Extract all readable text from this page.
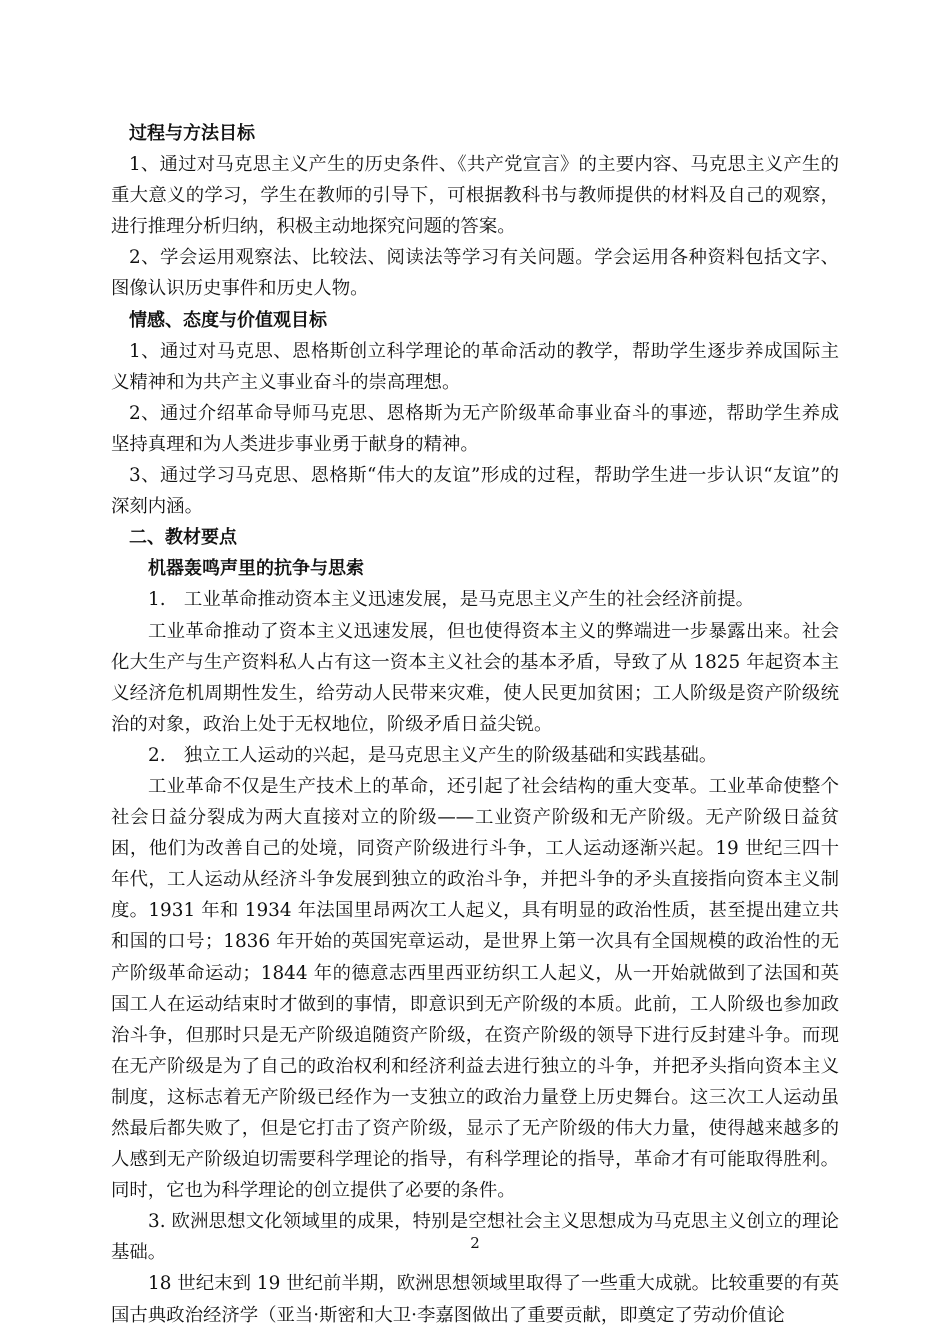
过程与方法目标

1、通过对马克思主义产生的历史条件、《共产党宣言》的主要内容、马克思主义产生的重大意义的学习，学生在教师的引导下，可根据教科书与教师提供的材料及自己的观察，进行推理分析归纳，积极主动地探究问题的答案。

2、学会运用观察法、比较法、阅读法等学习有关问题。学会运用各种资料包括文字、图像认识历史事件和历史人物。

情感、态度与价值观目标

1、通过对马克思、恩格斯创立科学理论的革命活动的教学，帮助学生逐步养成国际主义精神和为共产主义事业奋斗的崇高理想。

2、通过介绍革命导师马克思、恩格斯为无产阶级革命事业奋斗的事迹，帮助学生养成坚持真理和为人类进步事业勇于献身的精神。

3、通过学习马克思、恩格斯“伟大的友谊”形成的过程，帮助学生进一步认识“友谊”的深刻内涵。

二、教材要点

机器轰鸣声里的抗争与思索

1.　工业革命推动资本主义迅速发展，是马克思主义产生的社会经济前提。

工业革命推动了资本主义迅速发展，但也使得资本主义的弊端进一步暴露出来。社会化大生产与生产资料私人占有这一资本主义社会的基本矛盾，导致了从 1825 年起资本主义经济危机周期性发生，给劳动人民带来灾难，使人民更加贫困；工人阶级是资产阶级统治的对象，政治上处于无权地位，阶级矛盾日益尖锐。

2.　独立工人运动的兴起，是马克思主义产生的阶级基础和实践基础。

工业革命不仅是生产技术上的革命，还引起了社会结构的重大变革。工业革命使整个社会日益分裂成为两大直接对立的阶级——工业资产阶级和无产阶级。无产阶级日益贫困，他们为改善自己的处境，同资产阶级进行斗争，工人运动逐渐兴起。19 世纪三四十年代，工人运动从经济斗争发展到独立的政治斗争，并把斗争的矛头直接指向资本主义制度。1931 年和 1934 年法国里昂两次工人起义，具有明显的政治性质，甚至提出建立共和国的口号；1836 年开始的英国宪章运动，是世界上第一次具有全国规模的政治性的无产阶级革命运动；1844 年的德意志西里西亚纺织工人起义，从一开始就做到了法国和英国工人在运动结束时才做到的事情，即意识到无产阶级的本质。此前，工人阶级也参加政治斗争，但那时只是无产阶级追随资产阶级，在资产阶级的领导下进行反封建斗争。而现在无产阶级是为了自己的政治权利和经济利益去进行独立的斗争，并把矛头指向资本主义制度，这标志着无产阶级已经作为一支独立的政治力量登上历史舞台。这三次工人运动虽然最后都失败了，但是它打击了资产阶级，显示了无产阶级的伟大力量，使得越来越多的人感到无产阶级迫切需要科学理论的指导，有科学理论的指导，革命才有可能取得胜利。同时，它也为科学理论的创立提供了必要的条件。

3. 欧洲思想文化领域里的成果，特别是空想社会主义思想成为马克思主义创立的理论基础。

18 世纪末到 19 世纪前半期，欧洲思想领域里取得了一些重大成就。比较重要的有英国古典政治经济学（亚当·斯密和大卫·李嘉图做出了重要贡献，即奠定了劳动价值论

2
